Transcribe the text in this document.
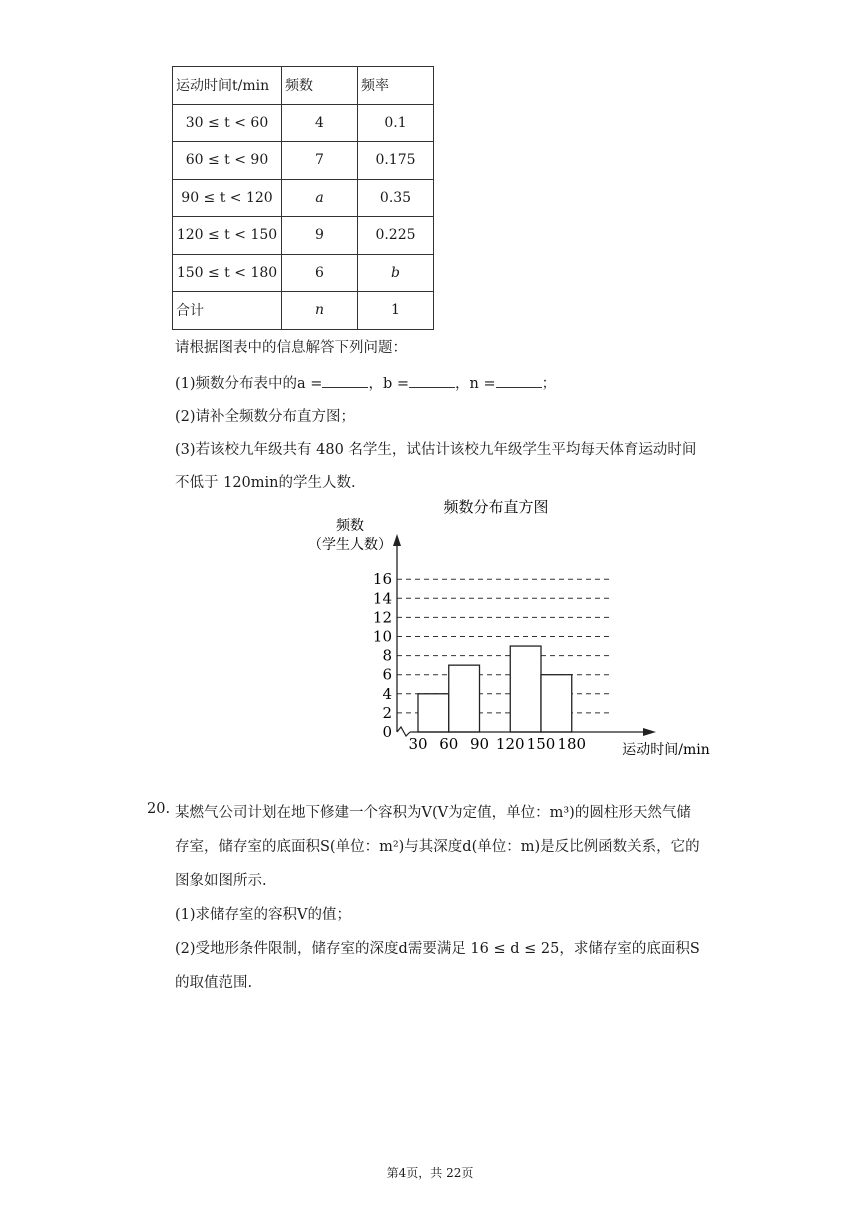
运动时间t/min	频数	频率
30 ≤ t < 60	4	0.1
60 ≤ t < 90	7	0.175
90 ≤ t < 120	a	0.35
120 ≤ t < 150	9	0.225
150 ≤ t < 180	6	b
合计	n	1
请根据图表中的信息解答下列问题：
(1)频数分布表中的a =	，b =	，n =	；
(2)请补全频数分布直方图；
(3)若该校九年级共有 480 名学生，试估计该校九年级学生平均每天体育运动时间
不低于 120min的学生人数.
频数分布直方图
频数
（学生人数）
运动时间/min
0
2
4
6
8
10
12
14
16
30 60 90 120 150 180
20. 某燃气公司计划在地下修建一个容积为V(V为定值，单位：m³)的圆柱形天然气储
存室，储存室的底面积S(单位：m²)与其深度d(单位：m)是反比例函数关系，它的
图象如图所示.
(1)求储存室的容积V的值；
(2)受地形条件限制，储存室的深度d需要满足 16 ≤ d ≤ 25，求储存室的底面积S
的取值范围.
第4页，共 22页
